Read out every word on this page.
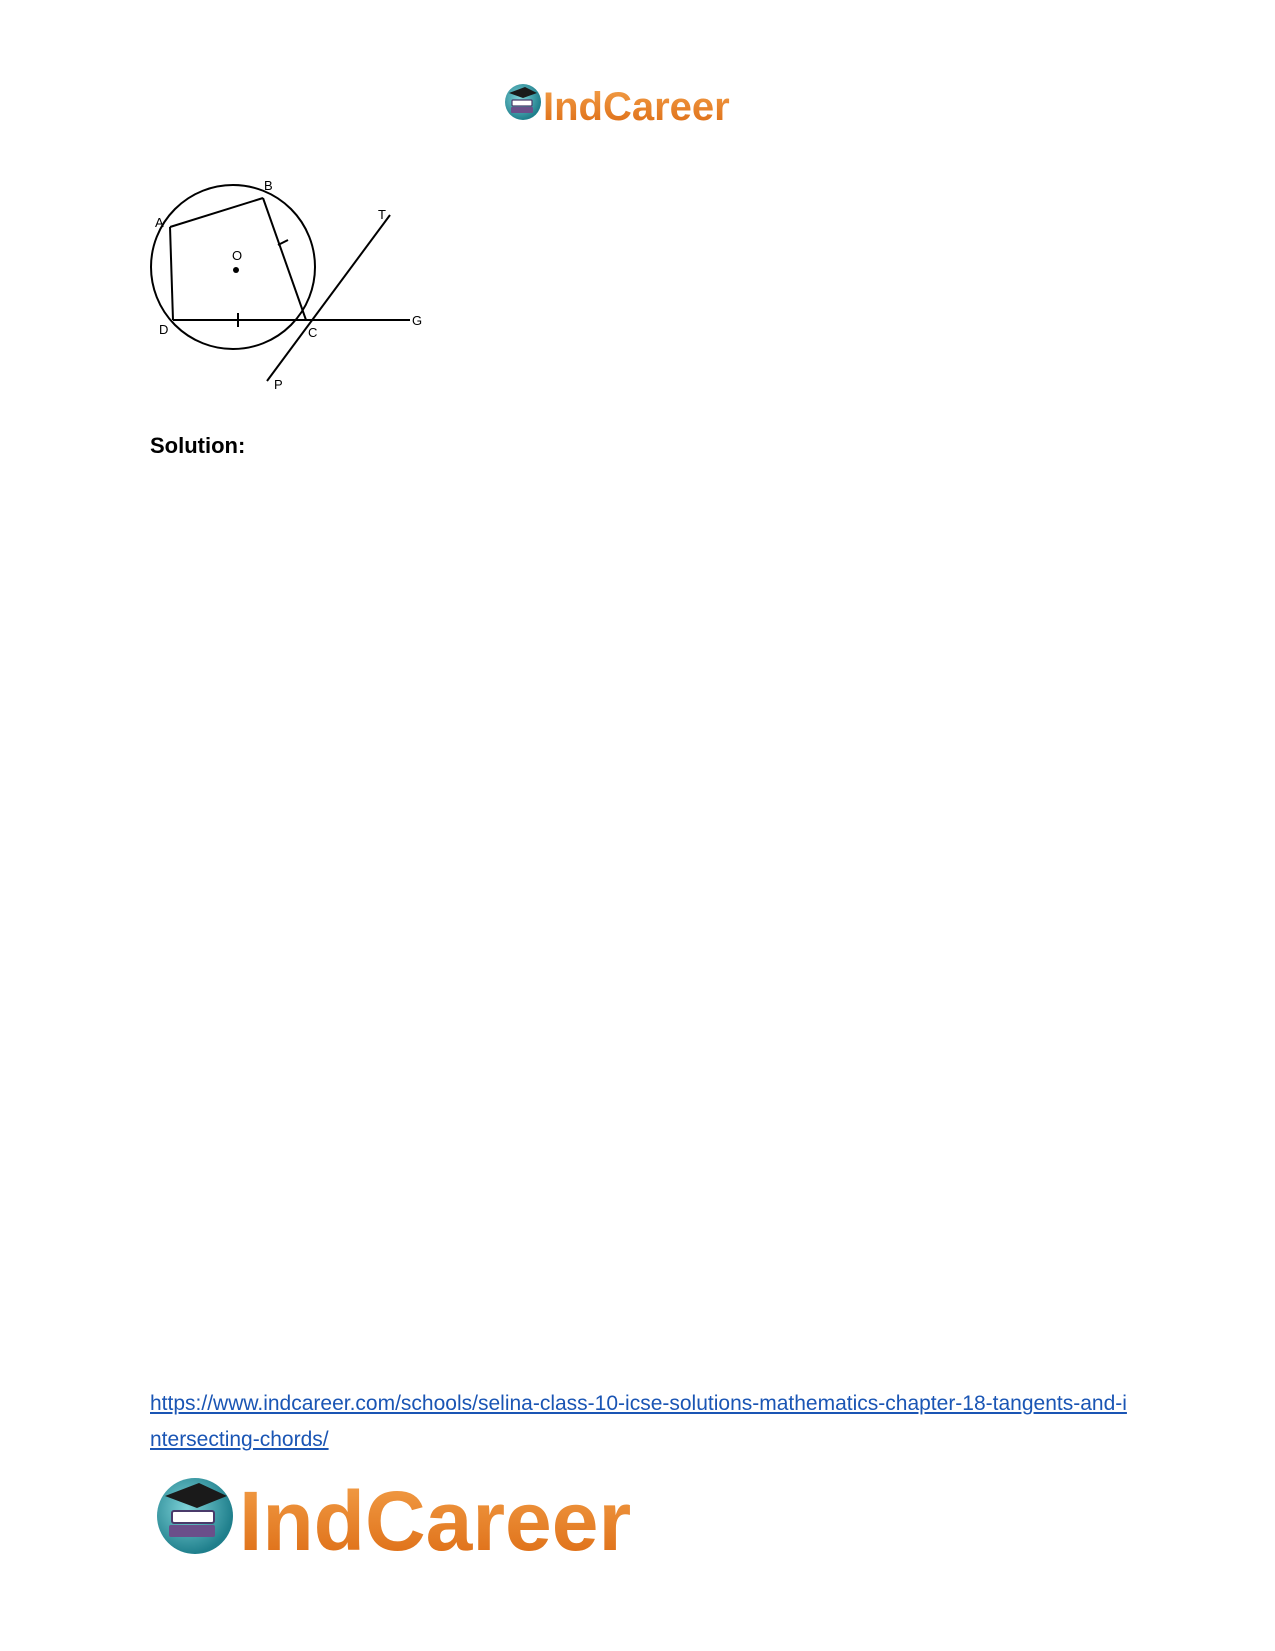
IndCareer
A
B
O
T
D	C
G
P

Solution:

https://www.indcareer.com/schools/selina-class-10-icse-solutions-mathematics-chapter-18-tangents-and-intersecting-chords/
IndCareer
